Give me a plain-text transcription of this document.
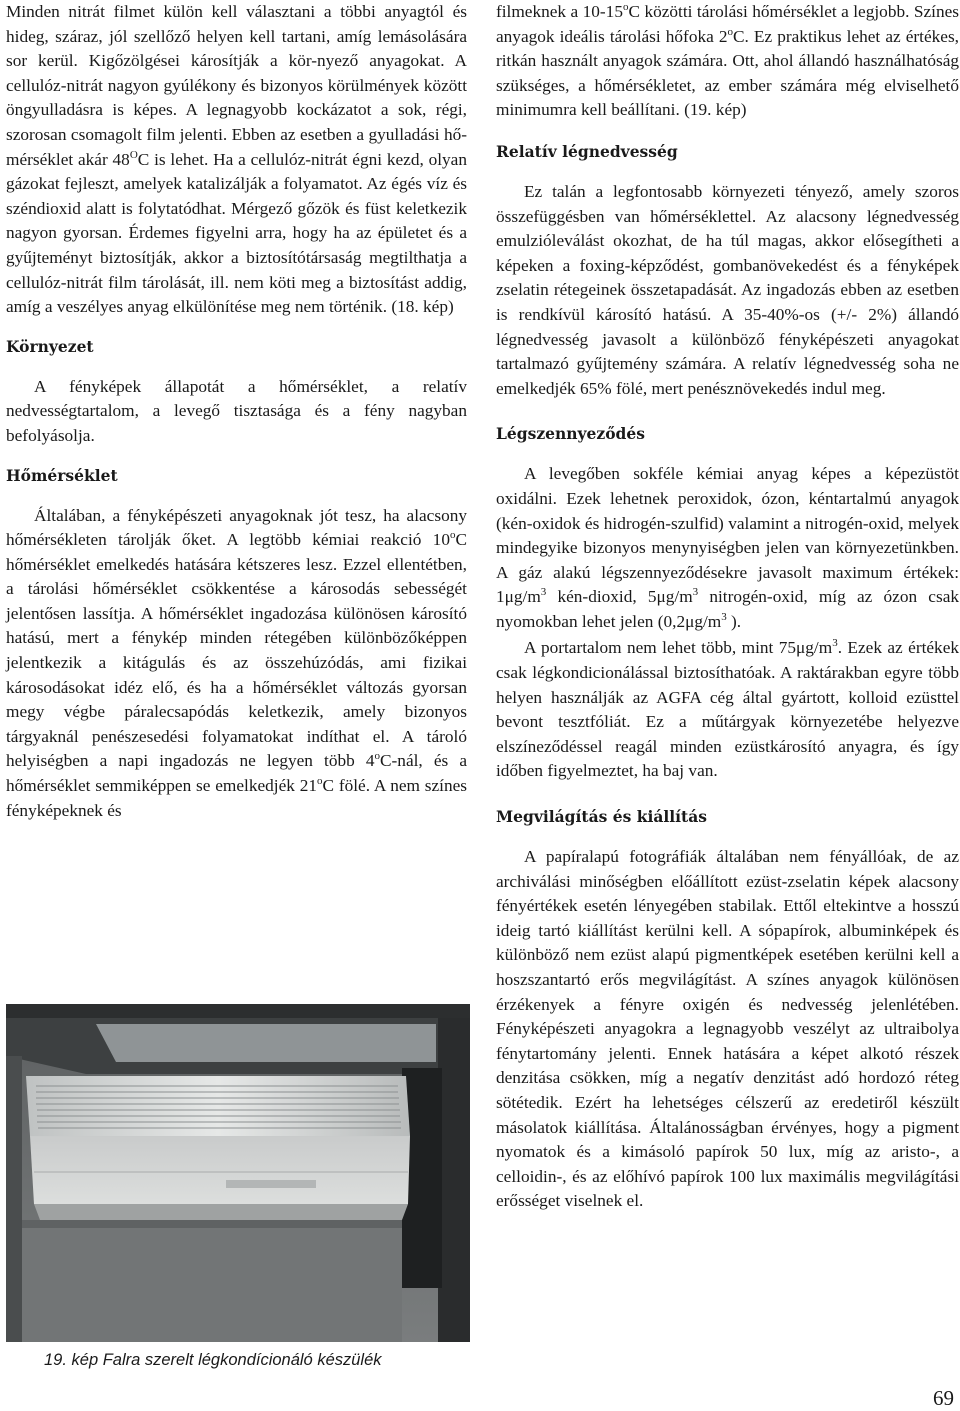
Minden nitrát filmet külön kell választani a többi anyagtól és hideg, száraz, jól szellőző helyen kell tartani, amíg lemásolására sor kerül. Kigőzölgései károsítják a kör-nyező anyagokat. A cellulóz-nitrát nagyon gyúlékony és bizonyos körülmények között öngyulladásra is képes. A legnagyobb kockázatot a sok, régi, szorosan csomagolt film jelenti. Ebben az esetben a gyulladási hő-mérséklet akár $48^OC$ is lehet. Ha a cellulóz-nitrát égni kezd, olyan gázokat fejleszt, amelyek katalizálják a folyamatot. Az égés víz és széndioxid alatt is folytatódhat. Mérgező gőzök és füst keletkezik nagyon gyorsan. Érdemes figyelni arra, hogy ha az épületet és a gyűjteményt biztosítják, akkor a biztosítótársaság megtilthatja a cellulóz-nitrát film tárolását, ill. nem köti meg a biztosítást addig, amíg a veszélyes anyag elkülönítése meg nem történik. (18. kép)

Környezet

A fényképek állapotát a hőmérséklet, a relatív nedvességtartalom, a levegő tisztasága és a fény nagyban befolyásolja.

Hőmérséklet

Általában, a fényképészeti anyagoknak jót tesz, ha alacsony hőmérsékleten tárolják őket. A legtöbb kémiai reakció 10$^o$C hőmérséklet emelkedés hatására kétszeres lesz. Ezzel ellentétben, a tárolási hőmérséklet csökkentése a károsodás sebességét jelentősen lassítja. A hőmérséklet ingadozása különösen károsító hatású, mert a fénykép minden rétegében különbözőképpen jelentkezik a kitágulás és az összehúzódás, ami fizikai károsodásokat idéz elő, és ha a hőmérséklet változás gyorsan megy végbe páralecsapódás keletkezik, amely bizonyos tárgyaknál penészesedési folyamatokat indíthat el. A tároló helyiségben a napi ingadozás ne legyen több 4$^o$C-nál, és a hőmérséklet semmiképpen se emelkedjék 21$^o$C fölé. A nem színes fényképeknek és

19. kép Falra szerelt légkondícionáló készülék

filmeknek a 10-15$^o$C közötti tárolási hőmérséklet a legjobb. Színes anyagok ideális tárolási hőfoka 2$^o$C. Ez praktikus lehet az értékes, ritkán használt anyagok számára. Ott, ahol állandó használhatóság szükséges, a hőmérsékletet, az ember számára még elviselhető minimumra kell beállítani. (19. kép)

Relatív légnedvesség

Ez talán a legfontosabb környezeti tényező, amely szoros összefüggésben van hőmérséklettel. Az alacsony légnedvesség emulzióleválást okozhat, de ha túl magas, akkor elősegítheti a képeken a foxing-képződést, gombanövekedést és a fényképek zselatin rétegeinek összetapadását. Az ingadozás ebben az esetben is rendkívül károsító hatású. A 35-40%-os (+/- 2%) állandó légnedvesség javasolt a különböző fényképészeti anyagokat tartalmazó gyűjtemény számára. A relatív légnedvesség soha ne emelkedjék 65% fölé, mert penésznövekedés indul meg.

Légszennyeződés

A levegőben sokféle kémiai anyag képes a képezüstöt oxidálni. Ezek lehetnek peroxidok, ózon, kéntartalmú anyagok (kén-oxidok és hidrogén-szulfid) valamint a nitrogén-oxid, melyek mindegyike bizonyos menynyiségben jelen van környezetünkben. A gáz alakú légszennyeződésekre javasolt maximum értékek: $1\mu g/m^3$ kén-dioxid, $5\mu g/m^3$ nitrogén-oxid, míg az ózon csak nyomokban lehet jelen ($0,2\mu g/m^3$ ).

A portartalom nem lehet több, mint $75\mu g/m^3$. Ezek az értékek csak légkondicionálással biztosíthatóak. A raktárakban egyre több helyen használják az AGFA cég által gyártott, kolloid ezüsttel bevont tesztfóliát. Ez a műtárgyak környezetébe helyezve elszíneződéssel reagál minden ezüstkárosító anyagra, és így időben figyelmeztet, ha baj van.

Megvilágítás és kiállítás

A papíralapú fotográfiák általában nem fényállóak, de az archiválási minőségben előállított ezüst-zselatin képek alacsony fényértékek esetén lényegében stabilak. Ettől eltekintve a hosszú ideig tartó kiállítást kerülni kell. A sópapírok, albuminképek és különböző nem ezüst alapú pigmentképek esetében kerülni kell a hoszszantartó erős megvilágítást. A színes anyagok különösen érzékenyek a fényre oxigén és nedvesség jelenlétében. Fényképészeti anyagokra a legnagyobb veszélyt az ultraibolya fénytartomány jelenti. Ennek hatására a képet alkotó részek denzitása csökken, míg a negatív denzitást adó hordozó réteg sötétedik. Ezért ha lehetséges célszerű az eredetiről készült másolatok kiállítása. Általánosságban érvényes, hogy a pigment nyomatok és a kimásoló papírok 50 lux, míg az aristo-, a celloidin-, és az előhívó papírok 100 lux maximális megvilágítási erősséget viselnek el.

69
